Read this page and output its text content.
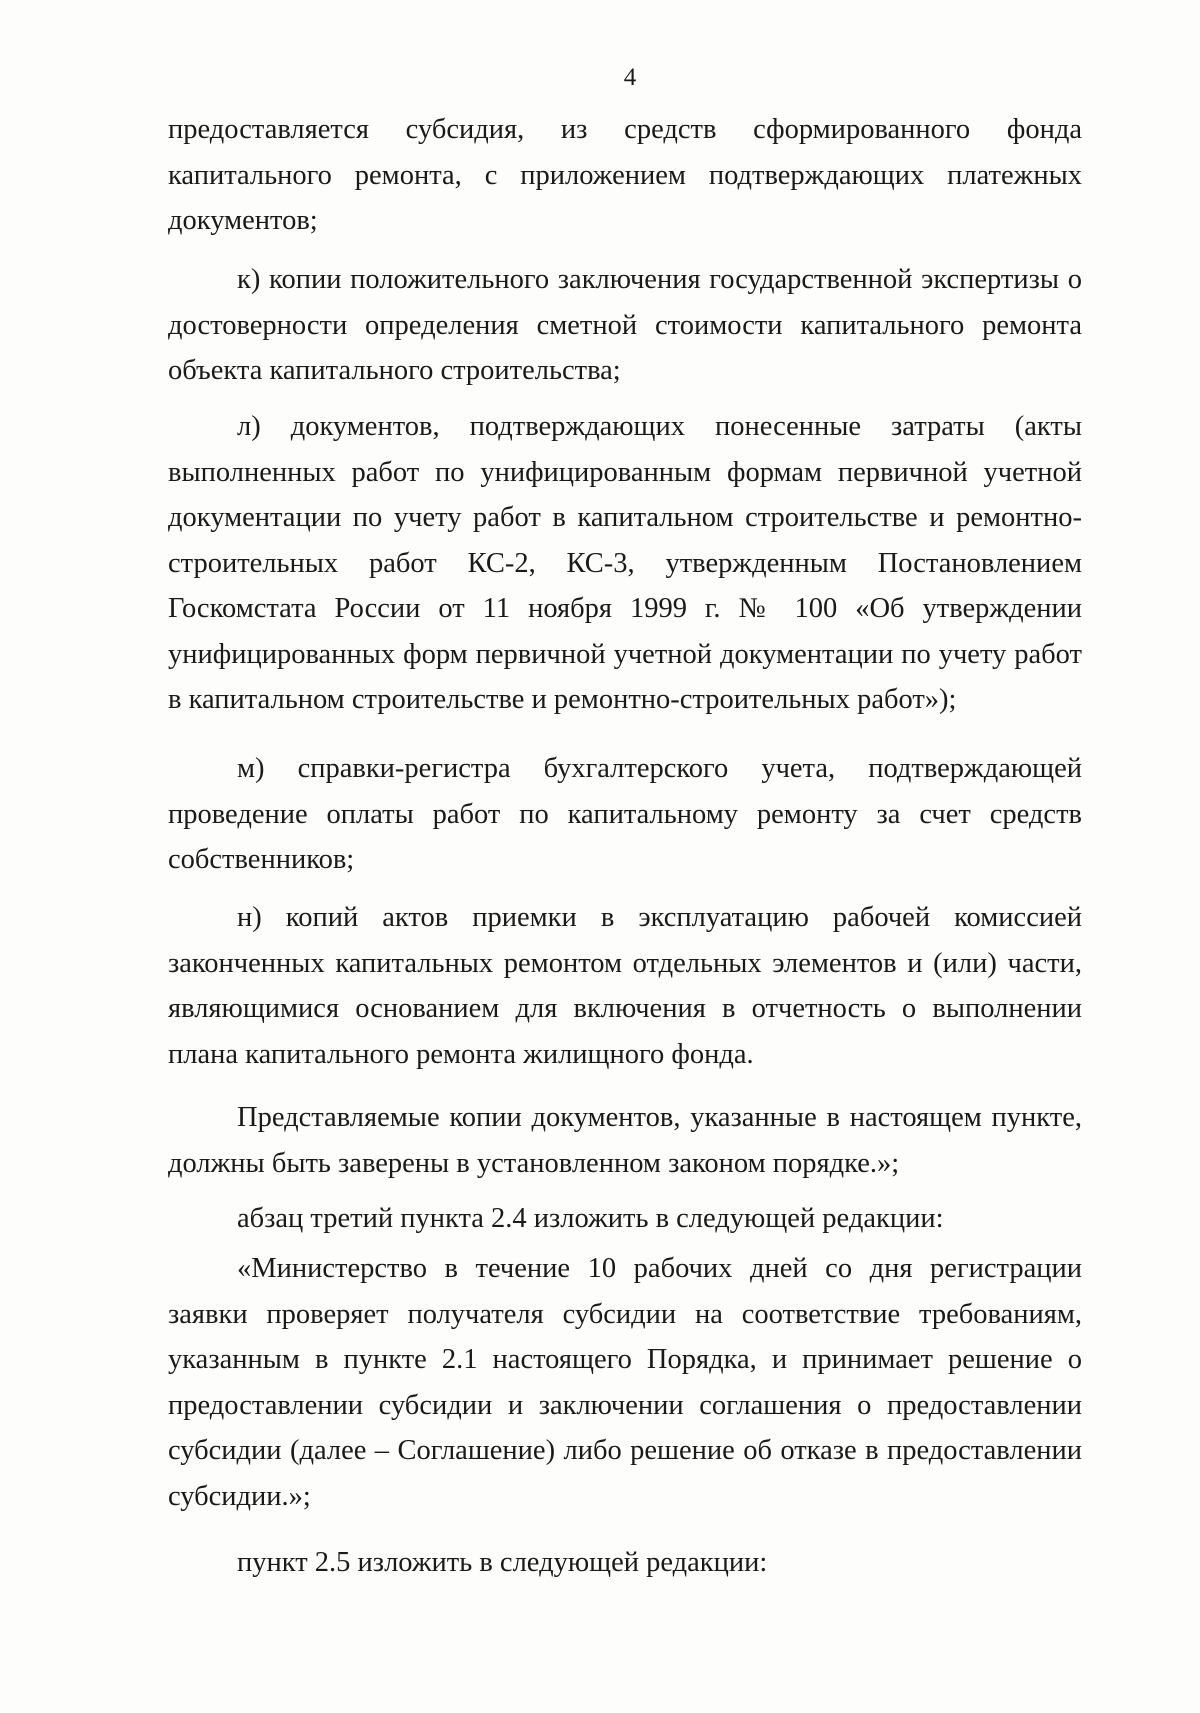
4

предоставляется субсидия, из средств сформированного фонда капитального ремонта, с приложением подтверждающих платежных документов;

к) копии положительного заключения государственной экспертизы о достоверности определения сметной стоимости капитального ремонта объекта капитального строительства;

л) документов, подтверждающих понесенные затраты (акты выполненных работ по унифицированным формам первичной учетной документации по учету работ в капитальном строительстве и ремонтно-строительных работ КС-2, КС-3, утвержденным Постановлением Госкомстата России от 11 ноября 1999 г. № 100 «Об утверждении унифицированных форм первичной учетной документации по учету работ в капитальном строительстве и ремонтно-строительных работ»);

м) справки-регистра бухгалтерского учета, подтверждающей проведение оплаты работ по капитальному ремонту за счет средств собственников;

н) копий актов приемки в эксплуатацию рабочей комиссией законченных капитальных ремонтом отдельных элементов и (или) части, являющимися основанием для включения в отчетность о выполнении плана капитального ремонта жилищного фонда.

Представляемые копии документов, указанные в настоящем пункте, должны быть заверены в установленном законом порядке.»;

абзац третий пункта 2.4 изложить в следующей редакции:

«Министерство в течение 10 рабочих дней со дня регистрации заявки проверяет получателя субсидии на соответствие требованиям, указанным в пункте 2.1 настоящего Порядка, и принимает решение о предоставлении субсидии и заключении соглашения о предоставлении субсидии (далее – Соглашение) либо решение об отказе в предоставлении субсидии.»;

пункт 2.5 изложить в следующей редакции:
